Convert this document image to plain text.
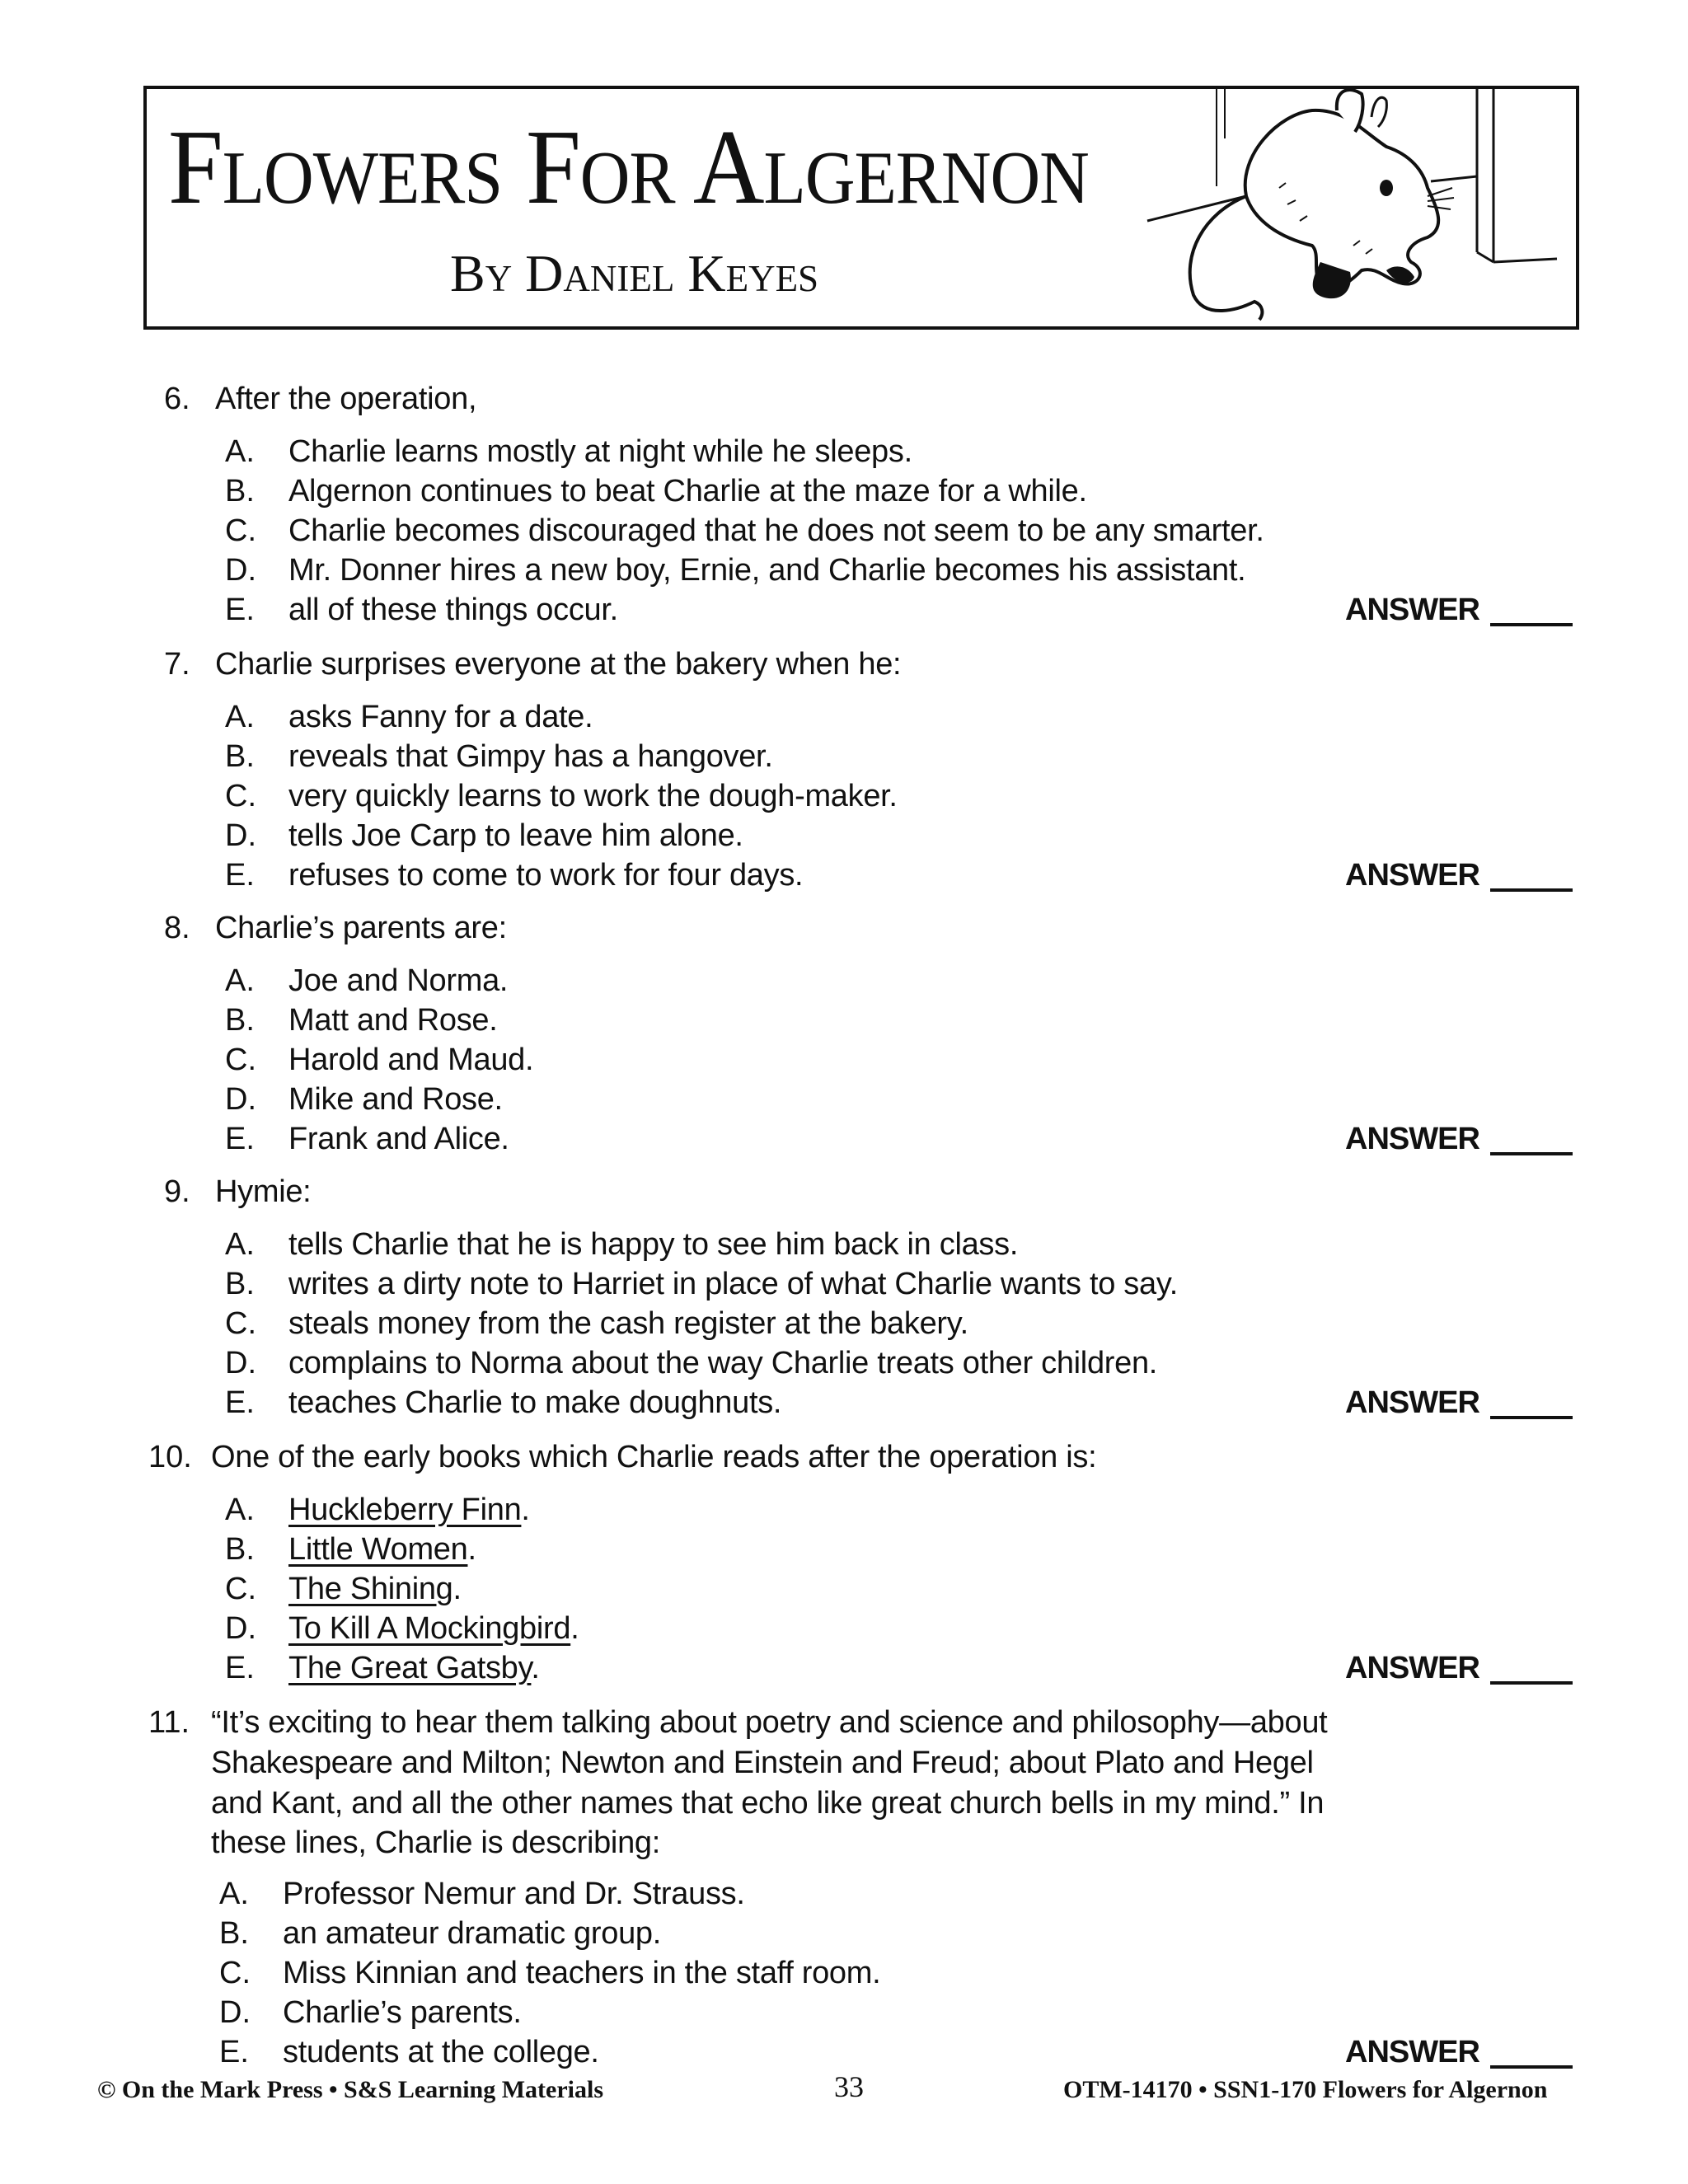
Flowers For Algernon
By Daniel Keyes
6. After the operation,
A. Charlie learns mostly at night while he sleeps.
B. Algernon continues to beat Charlie at the maze for a while.
C. Charlie becomes discouraged that he does not seem to be any smarter.
D. Mr. Donner hires a new boy, Ernie, and Charlie becomes his assistant.
E. all of these things occur.	ANSWER
7. Charlie surprises everyone at the bakery when he:
A. asks Fanny for a date.
B. reveals that Gimpy has a hangover.
C. very quickly learns to work the dough-maker.
D. tells Joe Carp to leave him alone.
E. refuses to come to work for four days.	ANSWER
8. Charlie’s parents are:
A. Joe and Norma.
B. Matt and Rose.
C. Harold and Maud.
D. Mike and Rose.
E. Frank and Alice.	ANSWER
9. Hymie:
A. tells Charlie that he is happy to see him back in class.
B. writes a dirty note to Harriet in place of what Charlie wants to say.
C. steals money from the cash register at the bakery.
D. complains to Norma about the way Charlie treats other children.
E. teaches Charlie to make doughnuts.	ANSWER
10. One of the early books which Charlie reads after the operation is:
A. Huckleberry Finn.
B. Little Women.
C. The Shining.
D. To Kill A Mockingbird.
E. The Great Gatsby.	ANSWER
11. “It’s exciting to hear them talking about poetry and science and philosophy—about
Shakespeare and Milton; Newton and Einstein and Freud; about Plato and Hegel
and Kant, and all the other names that echo like great church bells in my mind.” In
these lines, Charlie is describing:
A. Professor Nemur and Dr. Strauss.
B. an amateur dramatic group.
C. Miss Kinnian and teachers in the staff room.
D. Charlie’s parents.
E. students at the college.	ANSWER
© On the Mark Press • S&S Learning Materials	33	OTM-14170 • SSN1-170 Flowers for Algernon
